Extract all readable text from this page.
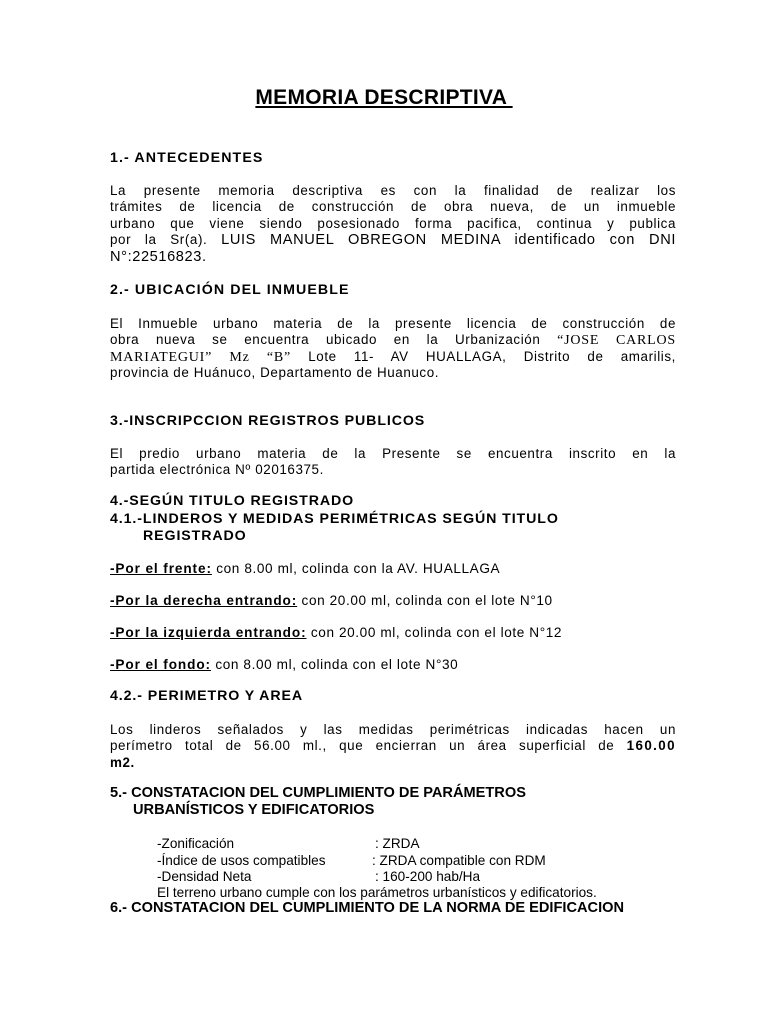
MEMORIA DESCRIPTIVA
1.- ANTECEDENTES
La presente memoria descriptiva es con la finalidad de realizar los
trámites de licencia de construcción de obra nueva, de un inmueble
urbano que viene siendo posesionado forma pacifica, continua y publica
por la Sr(a). LUIS MANUEL OBREGON MEDINA identificado con DNI
N°:22516823.
2.- UBICACIÓN DEL INMUEBLE
El Inmueble urbano materia de la presente licencia de construcción de
obra nueva se encuentra ubicado en la Urbanización “JOSE CARLOS
MARIATEGUI” Mz “B” Lote 11- AV HUALLAGA, Distrito de amarilis,
provincia de Huánuco, Departamento de Huanuco.
3.-INSCRIPCCION REGISTROS PUBLICOS
El predio urbano materia de la Presente se encuentra inscrito en la
partida electrónica Nº 02016375.
4.-SEGÚN TITULO REGISTRADO
4.1.-LINDEROS Y MEDIDAS PERIMÉTRICAS SEGÚN TITULO
REGISTRADO
-Por el frente: con 8.00 ml, colinda con la AV. HUALLAGA
-Por la derecha entrando: con 20.00 ml, colinda con el lote N°10
-Por la izquierda entrando: con 20.00 ml, colinda con el lote N°12
-Por el fondo: con 8.00 ml, colinda con el lote N°30
4.2.- PERIMETRO Y AREA
Los linderos señalados y las medidas perimétricas indicadas hacen un
perímetro total de 56.00 ml., que encierran un área superficial de 160.00
m2.
5.- CONSTATACION DEL CUMPLIMIENTO DE PARÁMETROS
URBANÍSTICOS Y EDIFICATORIOS
-Zonificación	: ZRDA
-Índice de usos compatibles	: ZRDA compatible con RDM
-Densidad Neta	: 160-200 hab/Ha
El terreno urbano cumple con los parámetros urbanísticos y edificatorios.
6.- CONSTATACION DEL CUMPLIMIENTO DE LA NORMA DE EDIFICACION
